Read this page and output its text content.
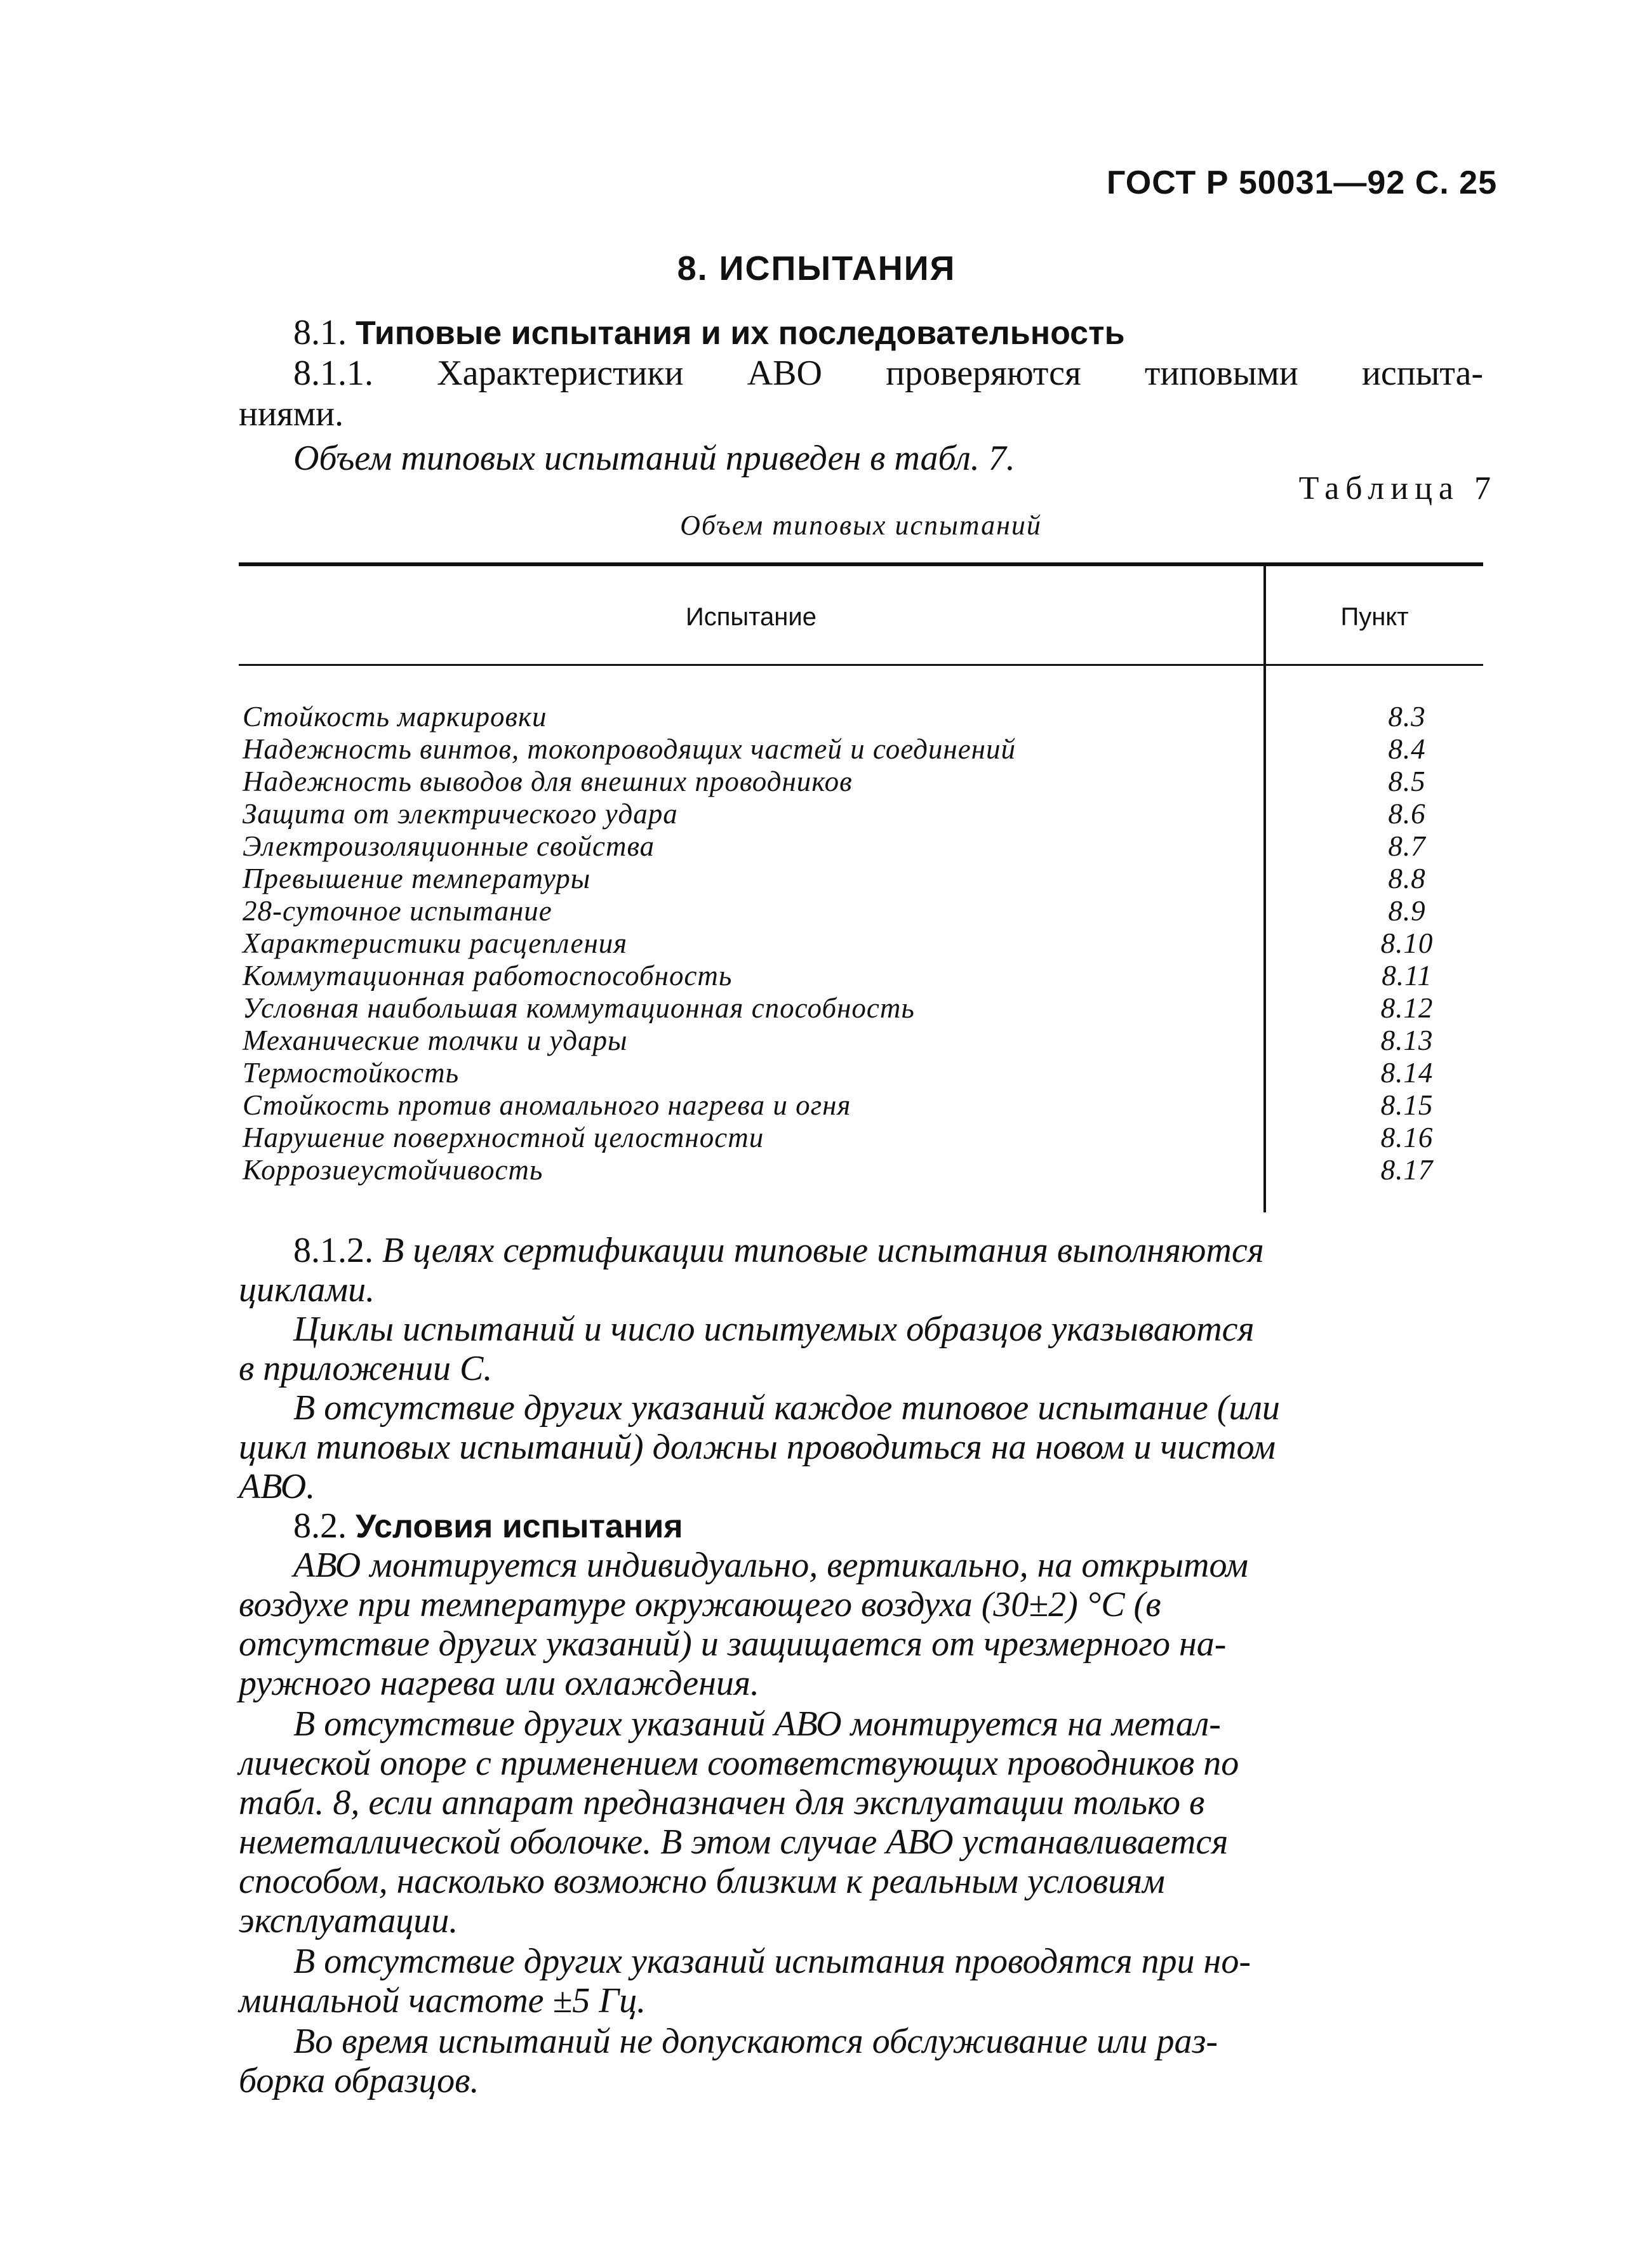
ГОСТ Р 50031—92 С. 25
8. ИСПЫТАНИЯ
8.1. Типовые испытания и их последовательность
8.1.1. Характеристики АВО проверяются типовыми испыта-
ниями.
Объем типовых испытаний приведен в табл. 7.
Таблица 7
Объем типовых испытаний
Испытание	Пункт
Стойкость маркировки	8.3
Надежность винтов, токопроводящих частей и соединений	8.4
Надежность выводов для внешних проводников	8.5
Защита от электрического удара	8.6
Электроизоляционные свойства	8.7
Превышение температуры	8.8
28-суточное испытание	8.9
Характеристики расцепления	8.10
Коммутационная работоспособность	8.11
Условная наибольшая коммутационная способность	8.12
Механические толчки и удары	8.13
Термостойкость	8.14
Стойкость против аномального нагрева и огня	8.15
Нарушение поверхностной целостности	8.16
Коррозиеустойчивость	8.17
8.1.2. В целях сертификации типовые испытания выполняются
циклами.
Циклы испытаний и число испытуемых образцов указываются
в приложении С.
В отсутствие других указаний каждое типовое испытание (или
цикл типовых испытаний) должны проводиться на новом и чистом
АВО.
8.2. Условия испытания
АВО монтируется индивидуально, вертикально, на открытом
воздухе при температуре окружающего воздуха (30±2) °С (в
отсутствие других указаний) и защищается от чрезмерного на-
ружного нагрева или охлаждения.
В отсутствие других указаний АВО монтируется на метал-
лической опоре с применением соответствующих проводников по
табл. 8, если аппарат предназначен для эксплуатации только в
неметаллической оболочке. В этом случае АВО устанавливается
способом, насколько возможно близким к реальным условиям
эксплуатации.
В отсутствие других указаний испытания проводятся при но-
минальной частоте ±5 Гц.
Во время испытаний не допускаются обслуживание или раз-
борка образцов.
